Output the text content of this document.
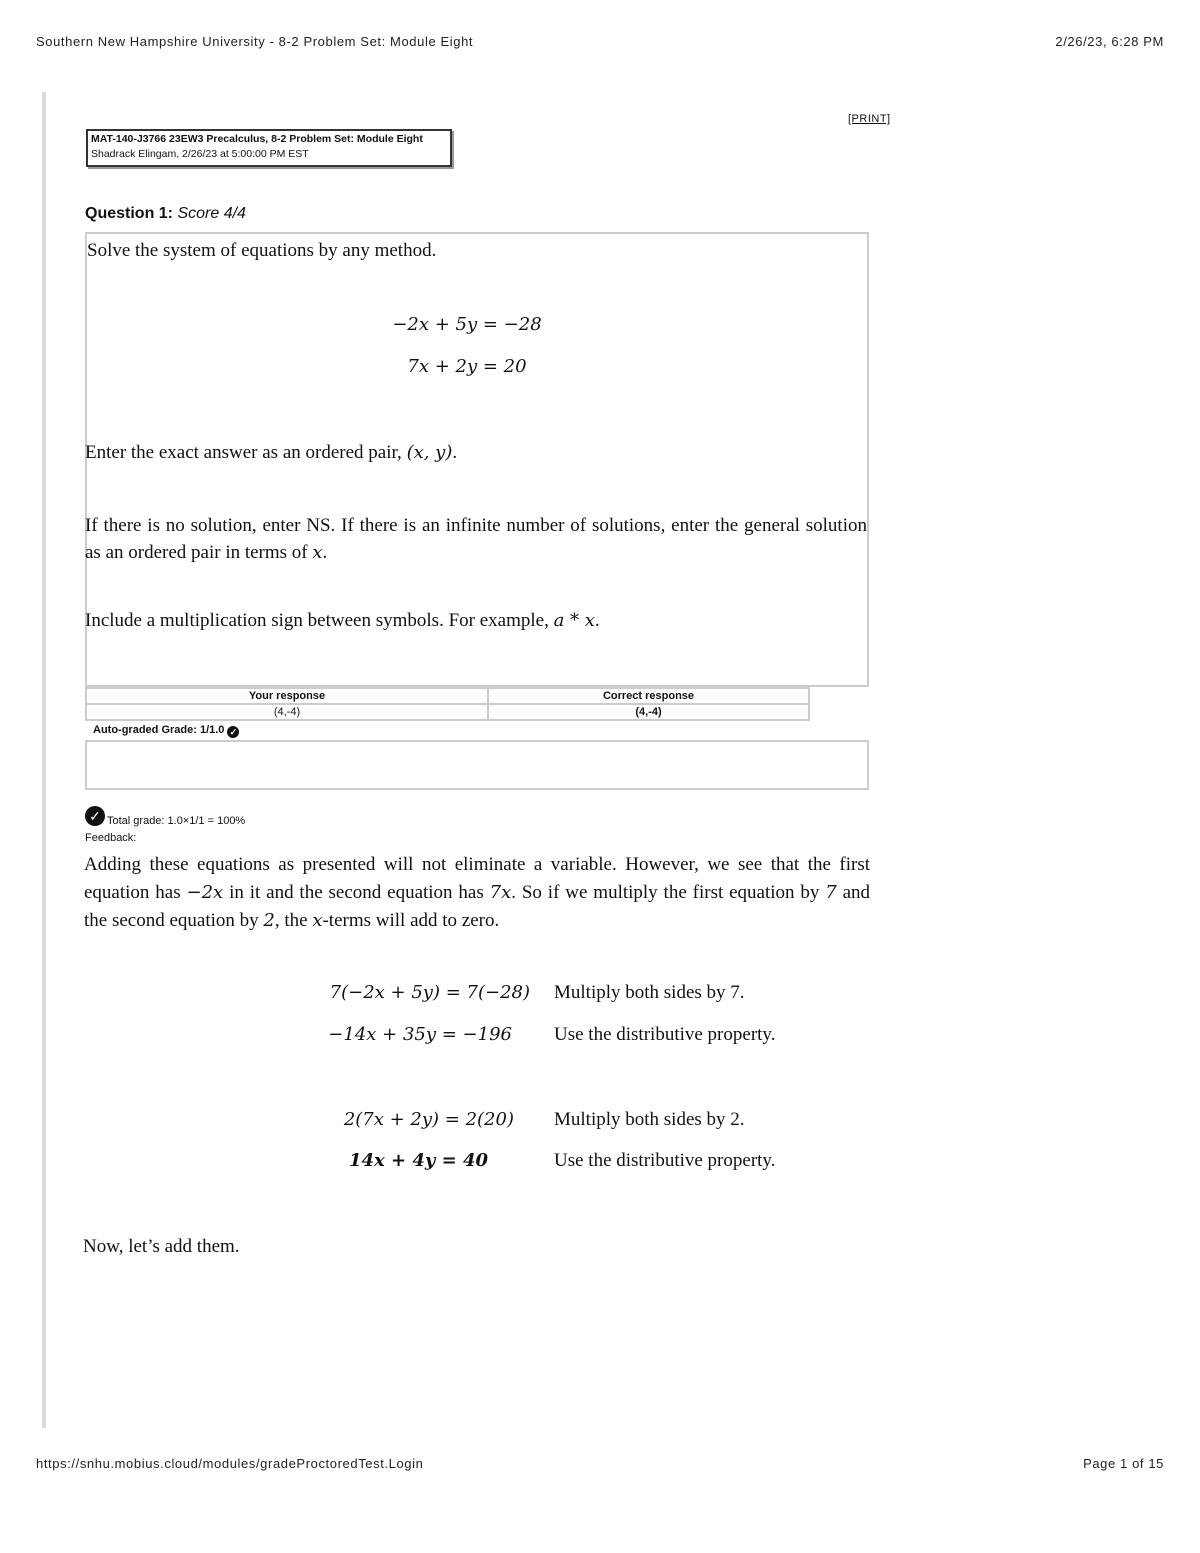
Southern New Hampshire University - 8-2 Problem Set: Module Eight	2/26/23, 6:28 PM
[PRINT]
MAT-140-J3766 23EW3 Precalculus, 8-2 Problem Set: Module Eight
Shadrack Elingam, 2/26/23 at 5:00:00 PM EST
Question 1: Score 4/4
Solve the system of equations by any method.
−2x + 5y = −28
7x + 2y = 20
Enter the exact answer as an ordered pair, (x, y).
If there is no solution, enter NS. If there is an infinite number of solutions, enter the general solution as an ordered pair in terms of x.
Include a multiplication sign between symbols. For example, a * x.
Your response	Correct response
(4,-4)	(4,-4)
Auto-graded Grade: 1/1.0 ✓
✓ Total grade: 1.0×1/1 = 100%
Feedback:
Adding these equations as presented will not eliminate a variable. However, we see that the first equation has −2x in it and the second equation has 7x. So if we multiply the first equation by 7 and the second equation by 2, the x-terms will add to zero.
7(−2x + 5y) = 7(−28) Multiply both sides by 7.
−14x + 35y = −196 Use the distributive property.
2(7x + 2y) = 2(20) Multiply both sides by 2.
14x + 4y = 40	Use the distributive property.
Now, let’s add them.
https://snhu.mobius.cloud/modules/gradeProctoredTest.Login	Page 1 of 15
